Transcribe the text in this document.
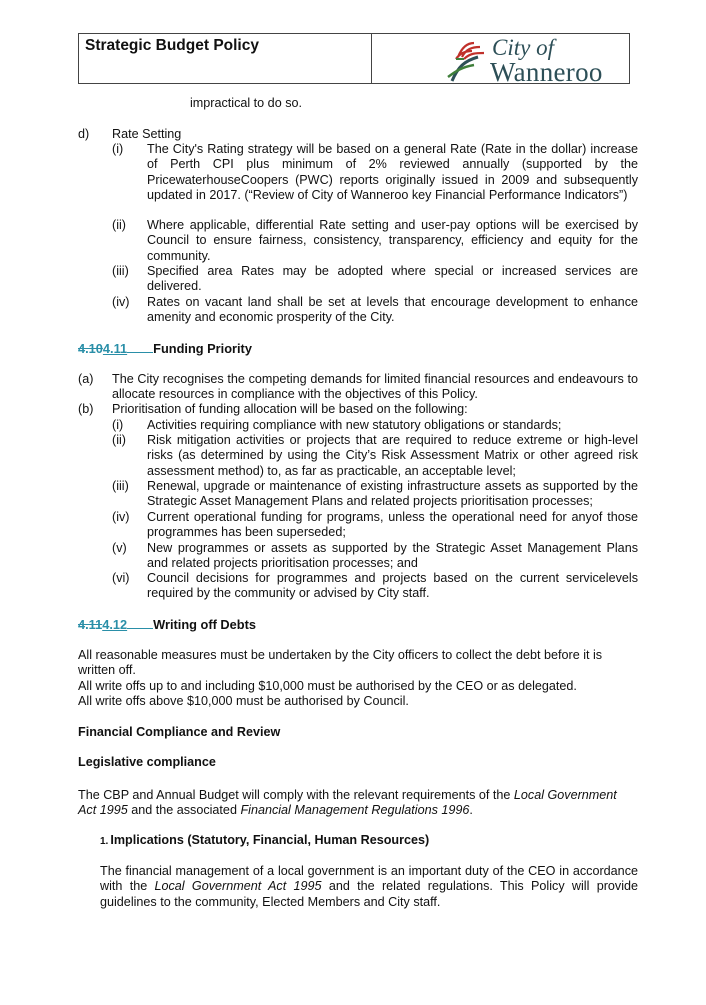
Strategic Budget Policy	City of
Wanneroo
impractical to do so.
d) Rate Setting
(i) The City's Rating strategy will be based on a general Rate (Rate in the dollar) increase of Perth CPI plus minimum of 2% reviewed annually (supported by the PricewaterhouseCoopers (PWC) reports originally issued in 2009 and subsequently updated in 2017. (“Review of City of Wanneroo key Financial Performance Indicators”)
(ii) Where applicable, differential Rate setting and user-pay options will be exercised by Council to ensure fairness, consistency, transparency, efficiency and equity for the community.
(iii) Specified area Rates may be adopted where special or increased services are delivered.
(iv) Rates on vacant land shall be set at levels that encourage development to enhance amenity and economic prosperity of the City.
4.104.11 Funding Priority
(a) The City recognises the competing demands for limited financial resources and endeavours to allocate resources in compliance with the objectives of this Policy.
(b) Prioritisation of funding allocation will be based on the following:
(i) Activities requiring compliance with new statutory obligations or standards;
(ii) Risk mitigation activities or projects that are required to reduce extreme or high-level risks (as determined by using the City’s Risk Assessment Matrix or other agreed risk assessment method) to, as far as practicable, an acceptable level;
(iii) Renewal, upgrade or maintenance of existing infrastructure assets as supported by the Strategic Asset Management Plans and related projects prioritisation processes;
(iv) Current operational funding for programs, unless the operational need for anyof those programmes has been superseded;
(v) New programmes or assets as supported by the Strategic Asset Management Plans and related projects prioritisation processes; and
(vi) Council decisions for programmes and projects based on the current servicelevels required by the community or advised by City staff.
4.114.12 Writing off Debts
All reasonable measures must be undertaken by the City officers to collect the debt before it is written off.
All write offs up to and including $10,000 must be authorised by the CEO or as delegated.
All write offs above $10,000 must be authorised by Council.
Financial Compliance and Review
Legislative compliance
The CBP and Annual Budget will comply with the relevant requirements of the Local Government Act 1995 and the associated Financial Management Regulations 1996.
1. Implications (Statutory, Financial, Human Resources)
The financial management of a local government is an important duty of the CEO in accordance with the Local Government Act 1995 and the related regulations. This Policy will provide guidelines to the community, Elected Members and City staff.
